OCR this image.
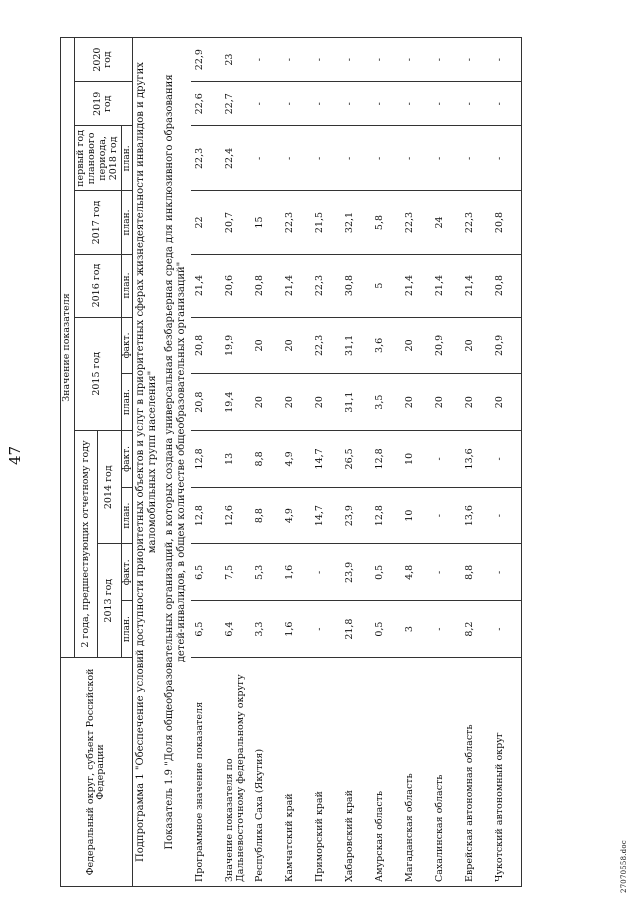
47
Федеральный округ, субъект Российской Федерации	Значение показателя										
	2 года, предшествующих отчетному году				2015 год		2016 год	2017 год	первый год планового периода, 2018 год	2019 год	2020 год
	2013 год		2014 год								
	план.	факт.	план.	факт.	план.	факт.	план.	план.	план.		
Подпрограмма 1 "Обеспечение условий доступности приоритетных объектов и услуг в приоритетных сферах жизнедеятельности инвалидов и других маломобильных групп населения"											
Показатель 1.9 "Доля общеобразовательных организаций, в которых создана универсальная безбарьерная среда для инклюзивного образования детей-инвалидов, в общем количестве общеобразовательных организаций"											
Программное значение показателя	6,5	6,5	12,8	12,8	20,8	20,8	21,4	22	22,3	22,6	22,9
Значение показателя по Дальневосточному федеральному округу	6,4	7,5	12,6	13	19,4	19,9	20,6	20,7	22,4	22,7	23
Республика Саха (Якутия)	3,3	5,3	8,8	8,8	20	20	20,8	15	-	-	-
Камчатский край	1,6	1,6	4,9	4,9	20	20	21,4	22,3	-	-	-
Приморский край	-	-	14,7	14,7	20	22,3	22,3	21,5	-	-	-
Хабаровский край	21,8	23,9	23,9	26,5	31,1	31,1	30,8	32,1	-	-	-
Амурская область	0,5	0,5	12,8	12,8	3,5	3,6	5	5,8	-	-	-
Магаданская область	3	4,8	10	10	20	20	21,4	22,3	-	-	-
Сахалинская область	-	-	-	-	20	20,9	21,4	24	-	-	-
Еврейская автономная область	8,2	8,8	13,6	13,6	20	20	21,4	22,3	-	-	-
Чукотский автономный округ	-	-	-	-	20	20,9	20,8	20,8	-	-	-
27070558.doc
